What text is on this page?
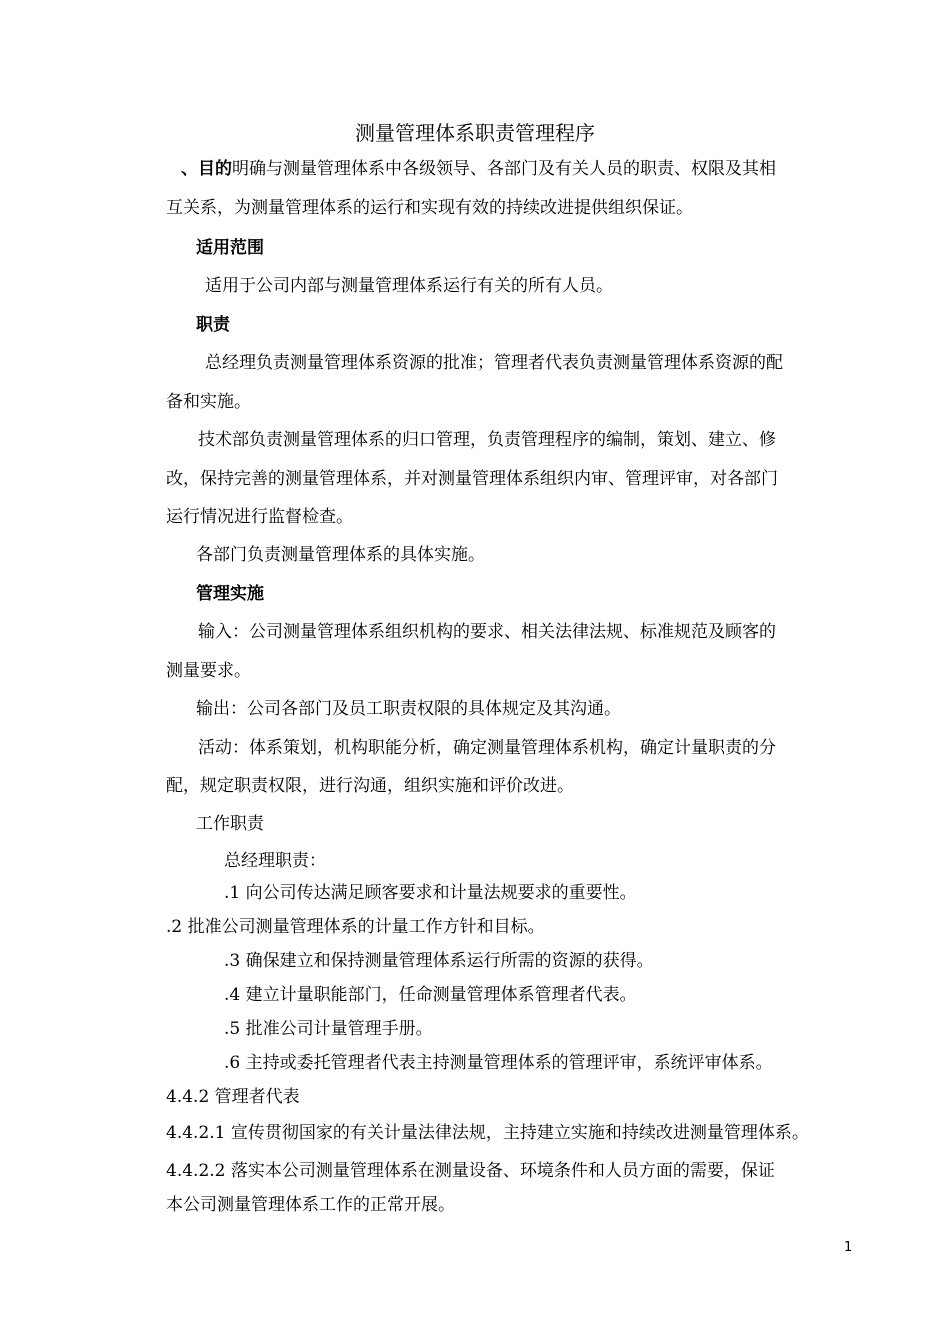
测量管理体系职责管理程序
、目的明确与测量管理体系中各级领导、各部门及有关人员的职责、权限及其相
互关系，为测量管理体系的运行和实现有效的持续改进提供组织保证。
适用范围
适用于公司内部与测量管理体系运行有关的所有人员。
职责
总经理负责测量管理体系资源的批准；管理者代表负责测量管理体系资源的配
备和实施。
技术部负责测量管理体系的归口管理，负责管理程序的编制，策划、建立、修
改，保持完善的测量管理体系，并对测量管理体系组织内审、管理评审，对各部门
运行情况进行监督检查。
各部门负责测量管理体系的具体实施。
管理实施
输入：公司测量管理体系组织机构的要求、相关法律法规、标准规范及顾客的
测量要求。
输出：公司各部门及员工职责权限的具体规定及其沟通。
活动：体系策划，机构职能分析，确定测量管理体系机构，确定计量职责的分
配，规定职责权限，进行沟通，组织实施和评价改进。
工作职责
总经理职责：
.1 向公司传达满足顾客要求和计量法规要求的重要性。
.2 批准公司测量管理体系的计量工作方针和目标。
.3 确保建立和保持测量管理体系运行所需的资源的获得。
.4 建立计量职能部门，任命测量管理体系管理者代表。
.5 批准公司计量管理手册。
.6 主持或委托管理者代表主持测量管理体系的管理评审，系统评审体系。
4.4.2 管理者代表
4.4.2.1 宣传贯彻国家的有关计量法律法规，主持建立实施和持续改进测量管理体系。
4.4.2.2 落实本公司测量管理体系在测量设备、环境条件和人员方面的需要，保证
本公司测量管理体系工作的正常开展。
1
